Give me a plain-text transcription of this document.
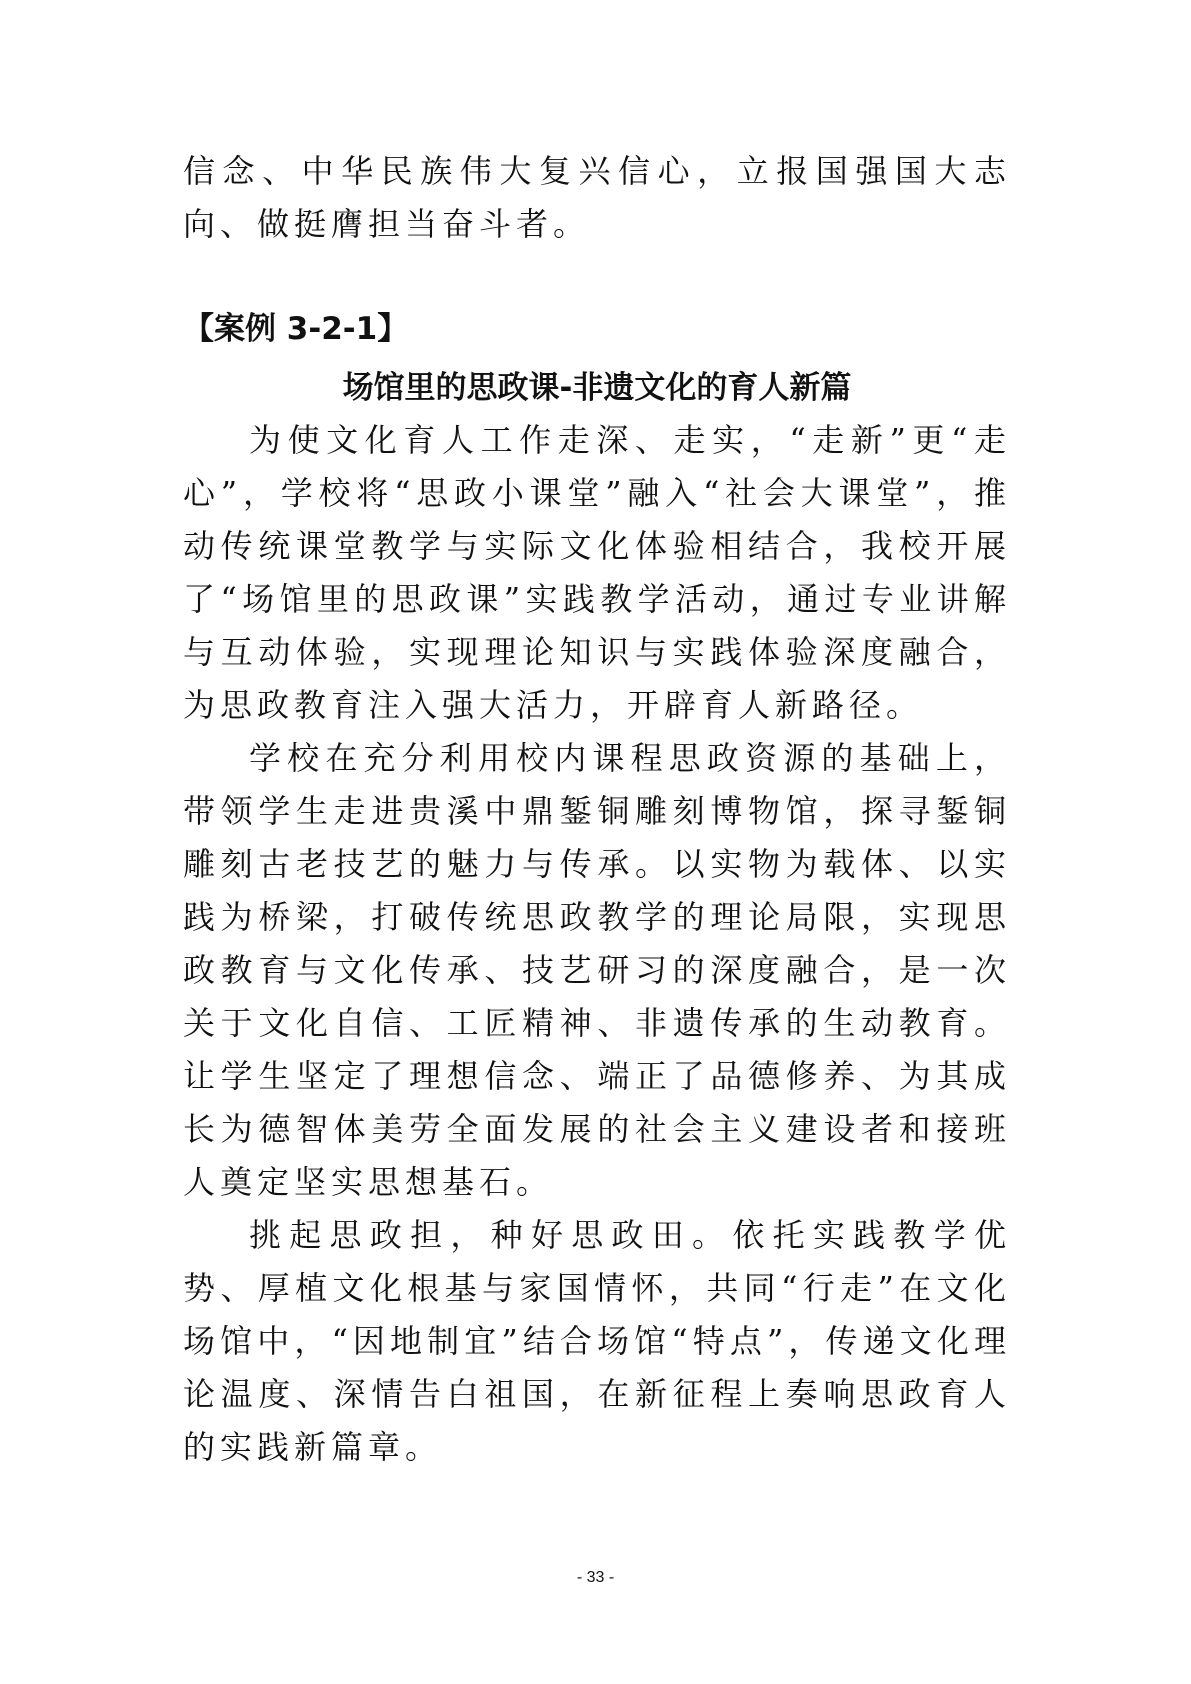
信念、中华民族伟大复兴信心，立报国强国大志向、做挺膺担当奋斗者。

【案例 3-2-1】

场馆里的思政课-非遗文化的育人新篇

为使文化育人工作走深、走实，“走新”更“走心”，学校将“思政小课堂”融入“社会大课堂”，推动传统课堂教学与实际文化体验相结合，我校开展了“场馆里的思政课”实践教学活动，通过专业讲解与互动体验，实现理论知识与实践体验深度融合，为思政教育注入强大活力，开辟育人新路径。

学校在充分利用校内课程思政资源的基础上，带领学生走进贵溪中鼎錾铜雕刻博物馆，探寻錾铜雕刻古老技艺的魅力与传承。以实物为载体、以实践为桥梁，打破传统思政教学的理论局限，实现思政教育与文化传承、技艺研习的深度融合，是一次关于文化自信、工匠精神、非遗传承的生动教育。让学生坚定了理想信念、端正了品德修养、为其成长为德智体美劳全面发展的社会主义建设者和接班人奠定坚实思想基石。

挑起思政担，种好思政田。依托实践教学优势、厚植文化根基与家国情怀，共同“行走”在文化场馆中，“因地制宜”结合场馆“特点”，传递文化理论温度、深情告白祖国，在新征程上奏响思政育人的实践新篇章。

- 33 -
